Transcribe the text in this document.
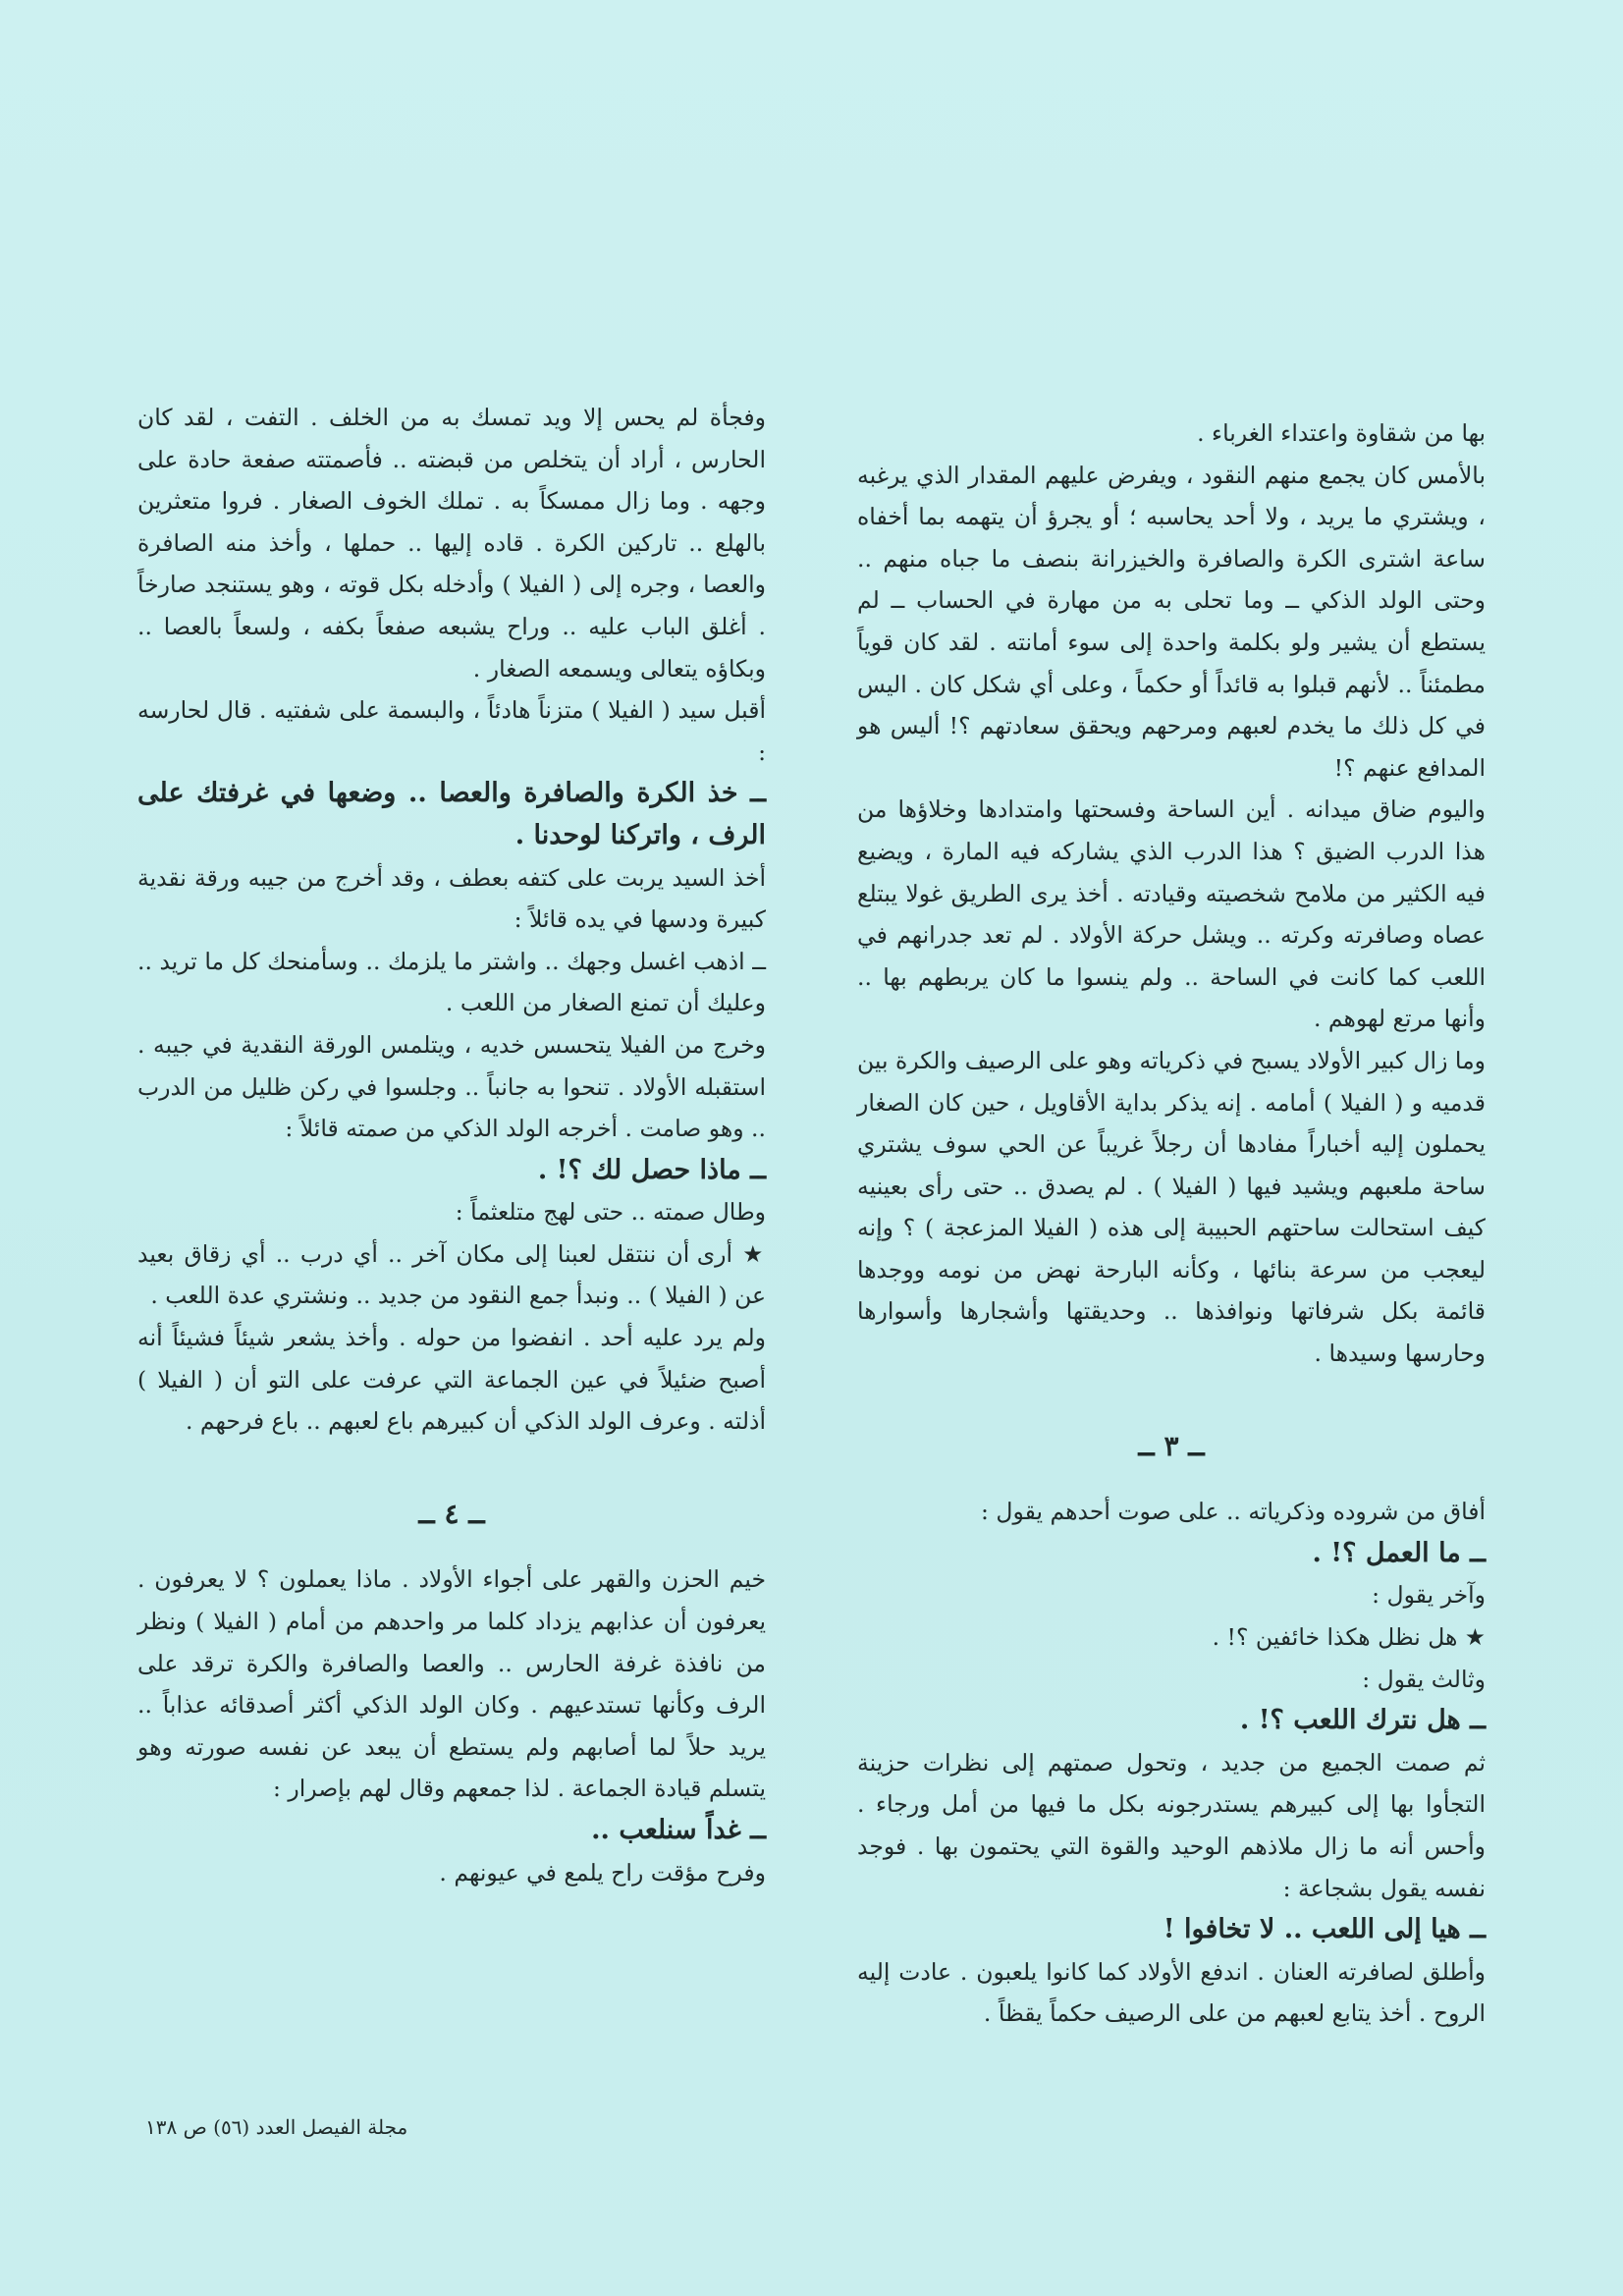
بها من شقاوة واعتداء الغرباء .

بالأمس كان يجمع منهم النقود ، ويفرض عليهم المقدار الذي يرغبه ، ويشتري ما يريد ، ولا أحد يحاسبه ؛ أو يجرؤ أن يتهمه بما أخفاه ساعة اشترى الكرة والصافرة والخيزرانة بنصف ما جباه منهم .. وحتى الولد الذكي ــ وما تحلى به من مهارة في الحساب ــ لم يستطع أن يشير ولو بكلمة واحدة إلى سوء أمانته . لقد كان قوياً مطمئناً .. لأنهم قبلوا به قائداً أو حكماً ، وعلى أي شكل كان . اليس في كل ذلك ما يخدم لعبهم ومرحهم ويحقق سعادتهم ؟! أليس هو المدافع عنهم ؟!

واليوم ضاق ميدانه . أين الساحة وفسحتها وامتدادها وخلاؤها من هذا الدرب الضيق ؟ هذا الدرب الذي يشاركه فيه المارة ، ويضيع فيه الكثير من ملامح شخصيته وقيادته . أخذ يرى الطريق غولا يبتلع عصاه وصافرته وكرته .. ويشل حركة الأولاد . لم تعد جدرانهم في اللعب كما كانت في الساحة .. ولم ينسوا ما كان يربطهم بها .. وأنها مرتع لهوهم .

وما زال كبير الأولاد يسبح في ذكرياته وهو على الرصيف والكرة بين قدميه و ( الفيلا ) أمامه . إنه يذكر بداية الأقاويل ، حين كان الصغار يحملون إليه أخباراً مفادها أن رجلاً غريباً عن الحي سوف يشتري ساحة ملعبهم ويشيد فيها ( الفيلا ) . لم يصدق .. حتى رأى بعينيه كيف استحالت ساحتهم الحبيبة إلى هذه ( الفيلا المزعجة ) ؟ وإنه ليعجب من سرعة بنائها ، وكأنه البارحة نهض من نومه ووجدها قائمة بكل شرفاتها ونوافذها .. وحديقتها وأشجارها وأسوارها وحارسها وسيدها .

ــ ٣ ــ

أفاق من شروده وذكرياته .. على صوت أحدهم يقول :

ــ ما العمل ؟! .

وآخر يقول :

★ هل نظل هكذا خائفين ؟! .

وثالث يقول :

ــ هل نترك اللعب ؟! .

ثم صمت الجميع من جديد ، وتحول صمتهم إلى نظرات حزينة التجأوا بها إلى كبيرهم يستدرجونه بكل ما فيها من أمل ورجاء . وأحس أنه ما زال ملاذهم الوحيد والقوة التي يحتمون بها . فوجد نفسه يقول بشجاعة :

ــ هيا إلى اللعب .. لا تخافوا !

وأطلق لصافرته العنان . اندفع الأولاد كما كانوا يلعبون . عادت إليه الروح . أخذ يتابع لعبهم من على الرصيف حكماً يقظاً .

وفجأة لم يحس إلا ويد تمسك به من الخلف . التفت ، لقد كان الحارس ، أراد أن يتخلص من قبضته .. فأصمتته صفعة حادة على وجهه . وما زال ممسكاً به . تملك الخوف الصغار . فروا متعثرين بالهلع .. تاركين الكرة . قاده إليها .. حملها ، وأخذ منه الصافرة والعصا ، وجره إلى ( الفيلا ) وأدخله بكل قوته ، وهو يستنجد صارخاً . أغلق الباب عليه .. وراح يشبعه صفعاً بكفه ، ولسعاً بالعصا .. وبكاؤه يتعالى ويسمعه الصغار .

أقبل سيد ( الفيلا ) متزناً هادئاً ، والبسمة على شفتيه . قال لحارسه :

ــ خذ الكرة والصافرة والعصا .. وضعها في غرفتك على الرف ، واتركنا لوحدنا .

أخذ السيد يربت على كتفه بعطف ، وقد أخرج من جيبه ورقة نقدية كبيرة ودسها في يده قائلاً :

ــ اذهب اغسل وجهك .. واشتر ما يلزمك .. وسأمنحك كل ما تريد .. وعليك أن تمنع الصغار من اللعب .

وخرج من الفيلا يتحسس خديه ، ويتلمس الورقة النقدية في جيبه . استقبله الأولاد . تنحوا به جانباً .. وجلسوا في ركن ظليل من الدرب .. وهو صامت . أخرجه الولد الذكي من صمته قائلاً :

ــ ماذا حصل لك ؟! .

وطال صمته .. حتى لهج متلعثماً :

★ أرى أن ننتقل لعبنا إلى مكان آخر .. أي درب .. أي زقاق بعيد عن ( الفيلا ) .. ونبدأ جمع النقود من جديد .. ونشتري عدة اللعب .

ولم يرد عليه أحد . انفضوا من حوله . وأخذ يشعر شيئاً فشيئاً أنه أصبح ضئيلاً في عين الجماعة التي عرفت على التو أن ( الفيلا ) أذلته . وعرف الولد الذكي أن كبيرهم باع لعبهم .. باع فرحهم .

ــ ٤ ــ

خيم الحزن والقهر على أجواء الأولاد . ماذا يعملون ؟ لا يعرفون . يعرفون أن عذابهم يزداد كلما مر واحدهم من أمام ( الفيلا ) ونظر من نافذة غرفة الحارس .. والعصا والصافرة والكرة ترقد على الرف وكأنها تستدعيهم . وكان الولد الذكي أكثر أصدقائه عذاباً .. يريد حلاً لما أصابهم ولم يستطع أن يبعد عن نفسه صورته وهو يتسلم قيادة الجماعة . لذا جمعهم وقال لهم بإصرار :

ــ غداً سنلعب ..

وفرح مؤقت راح يلمع في عيونهم .

مجلة الفيصل العدد (٥٦) ص ١٣٨
